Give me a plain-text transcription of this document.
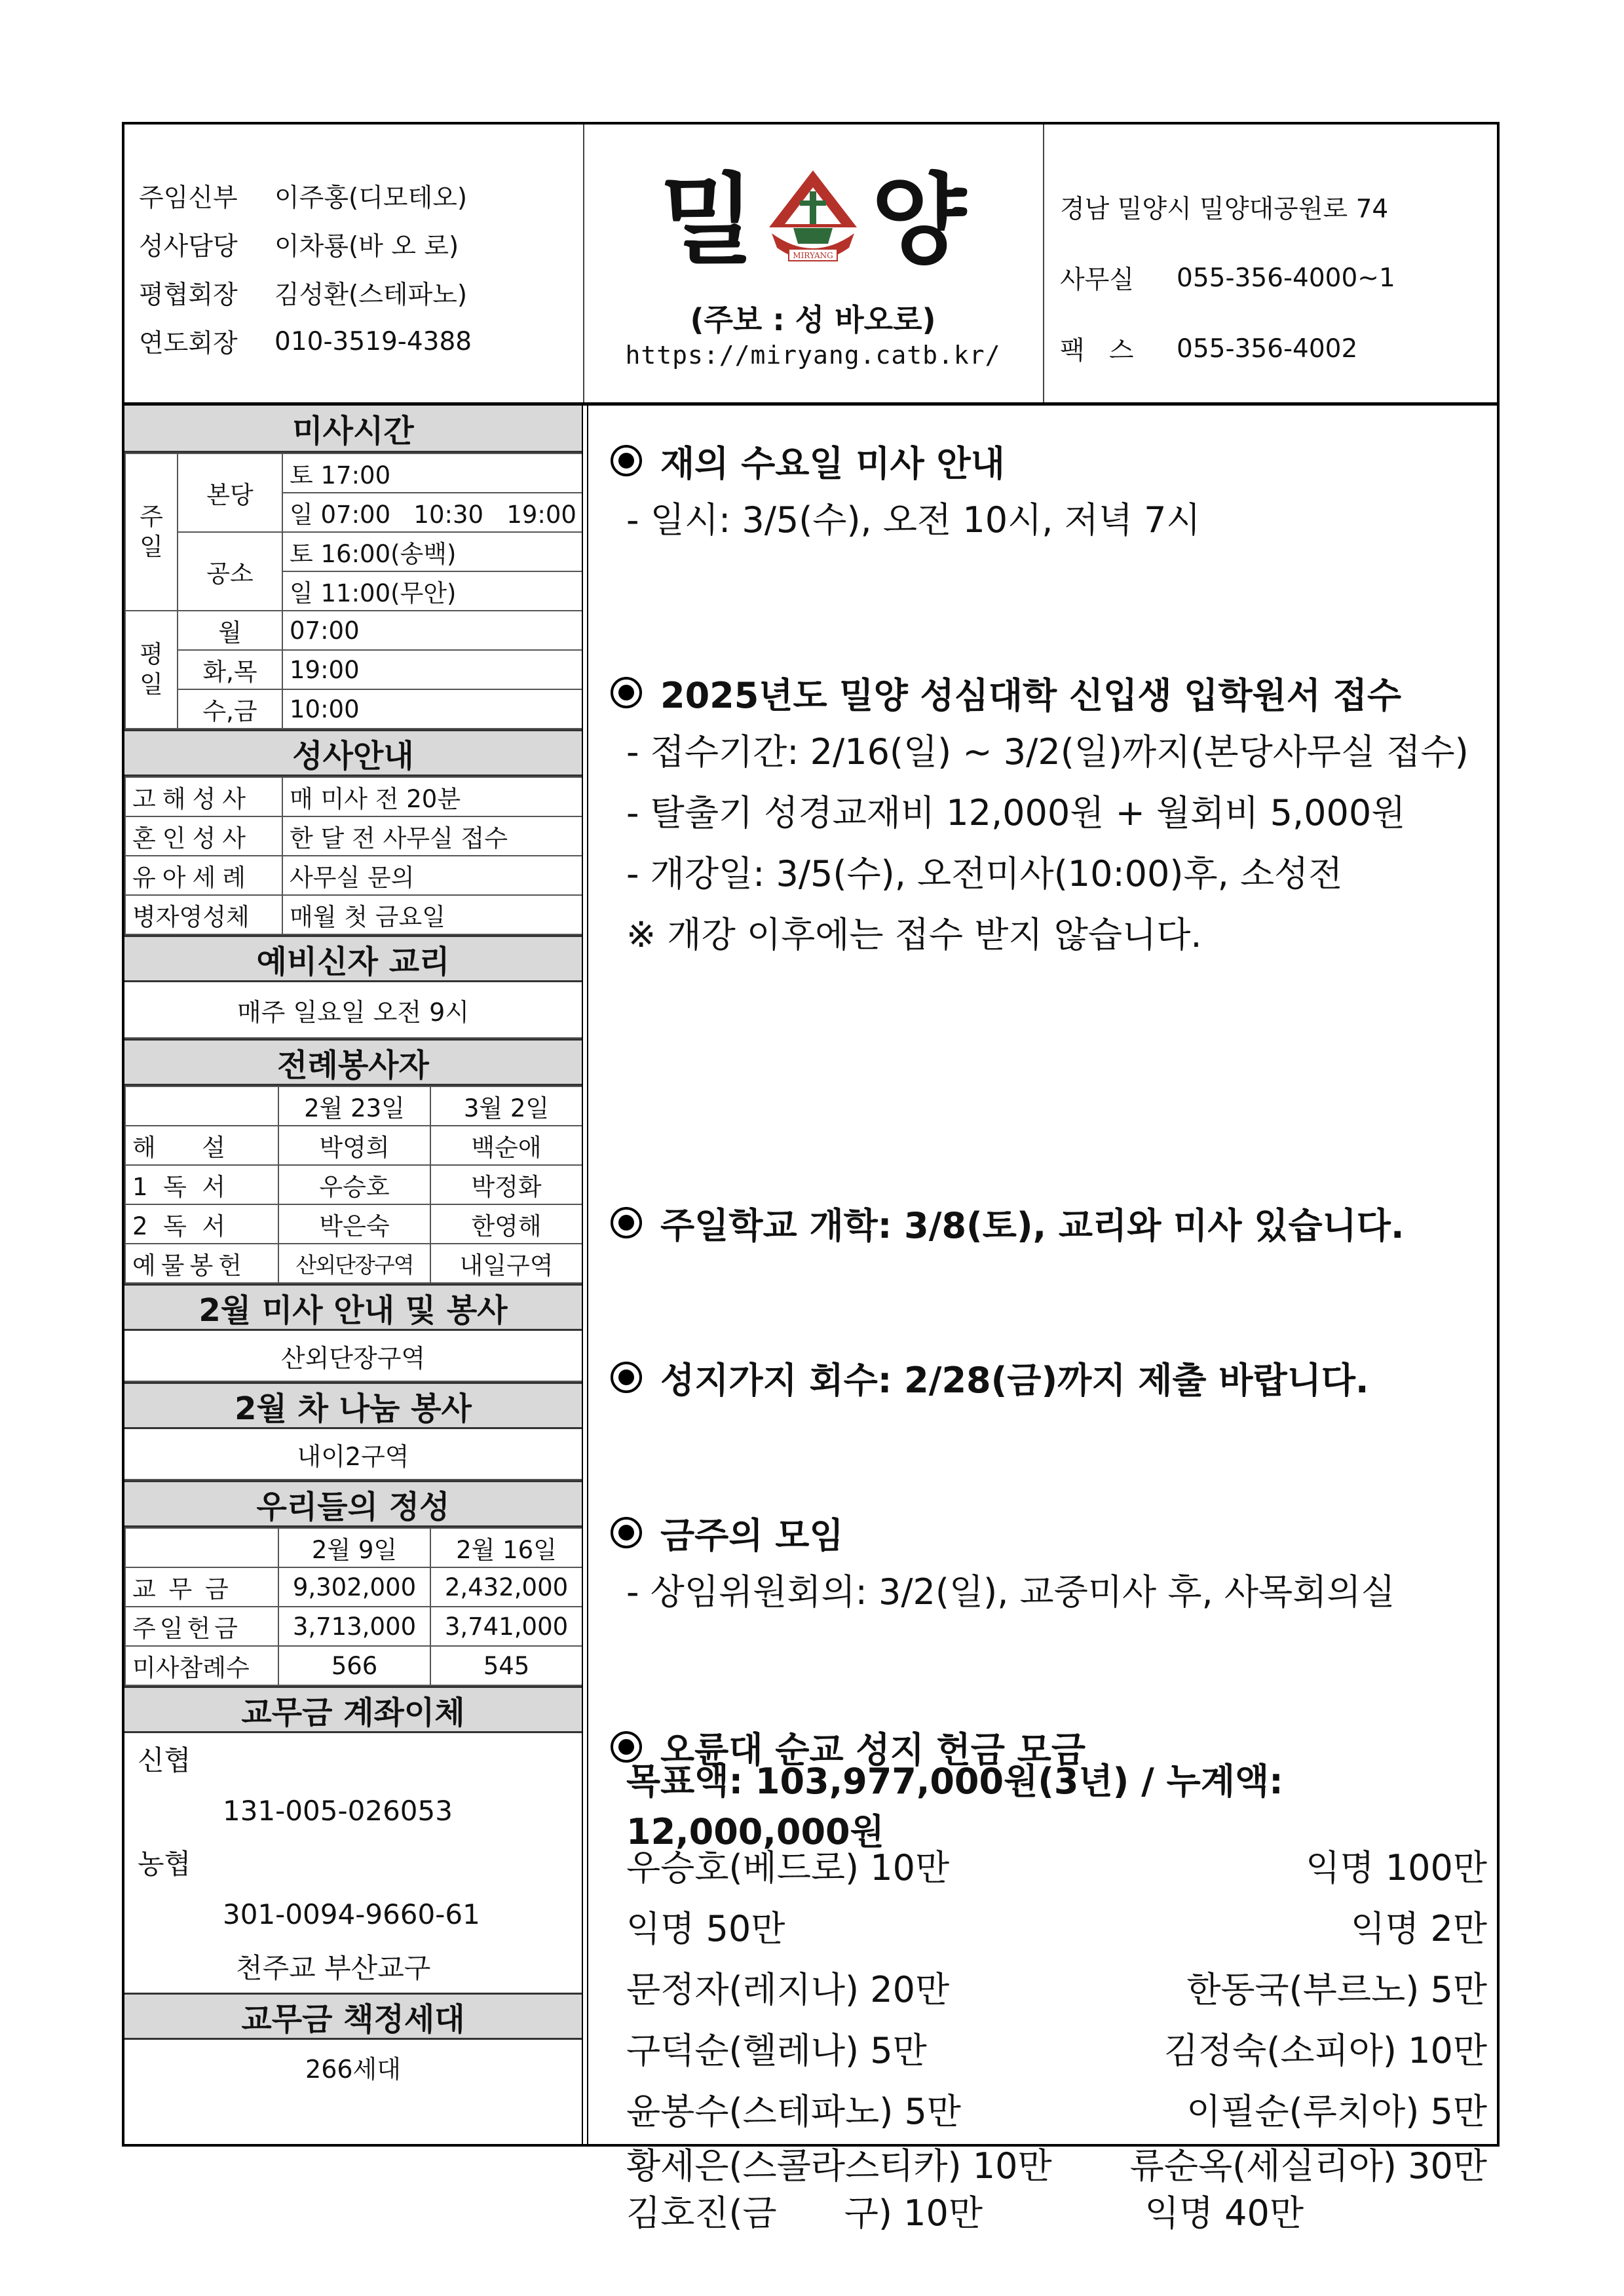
주임신부	이주홍(디모테오)
성사담당	이차룡(바 오 로)
평협회장	김성환(스테파노)
연도회장	010-3519-4388
밀	MIRYANG 양
(주보 : 성 바오로)
https://miryang.catb.kr/
경남 밀양시 밀양대공원로 74
사무실	055-356-4000~1
팩   스	055-356-4002
미사시간
주
일	본당	토 17:00
		일 07:00   10:30   19:00
	공소	토 16:00(송백)
		일 11:00(무안)
평
일	월	07:00
	화,목	19:00
	수,금	10:00
성사안내
고해성사	매 미사 전 20분
혼인성사	한 달 전 사무실 접수
유아세례	사무실 문의
병자영성체	매월 첫 금요일
예비신자 교리
매주 일요일 오전 9시
전례봉사자
	2월 23일	3월 2일
해      설	박영희	백순애
1  독  서	우승호	박정화
2  독  서	박은숙	한영해
예물봉헌	산외단장구역	내일구역
2월 미사 안내 및 봉사
산외단장구역
2월 차 나눔 봉사
내이2구역
우리들의 정성
	2월 9일	2월 16일
교 무 금	9,302,000	2,432,000
주일헌금	3,713,000	3,741,000
미사참례수	566	545
교무금 계좌이체
신협
131-005-026053
농협
301-0094-9660-61
천주교 부산교구
교무금 책정세대
266세대
재의 수요일 미사 안내
- 일시: 3/5(수), 오전 10시, 저녁 7시
2025년도 밀양 성심대학 신입생 입학원서 접수
- 접수기간: 2/16(일) ~ 3/2(일)까지(본당사무실 접수)
- 탈출기 성경교재비 12,000원 + 월회비 5,000원
- 개강일: 3/5(수), 오전미사(10:00)후, 소성전
※ 개강 이후에는 접수 받지 않습니다.
주일학교 개학: 3/8(토), 교리와 미사 있습니다.
성지가지 회수: 2/28(금)까지 제출 바랍니다.
금주의 모임
- 상임위원회의: 3/2(일), 교중미사 후, 사목회의실
오륜대 순교 성지 헌금 모금
목표액: 103,977,000원(3년) / 누계액: 12,000,000원
우승호(베드로) 10만	익명 100만
익명 50만	익명 2만
문정자(레지나) 20만	한동국(부르노) 5만
구덕순(헬레나) 5만	김정숙(소피아) 10만
윤봉수(스테파노) 5만	이필순(루치아) 5만
황세은(스콜라스티카) 10만 류순옥(세실리아) 30만
김호진(금      구) 10만	익명 40만
